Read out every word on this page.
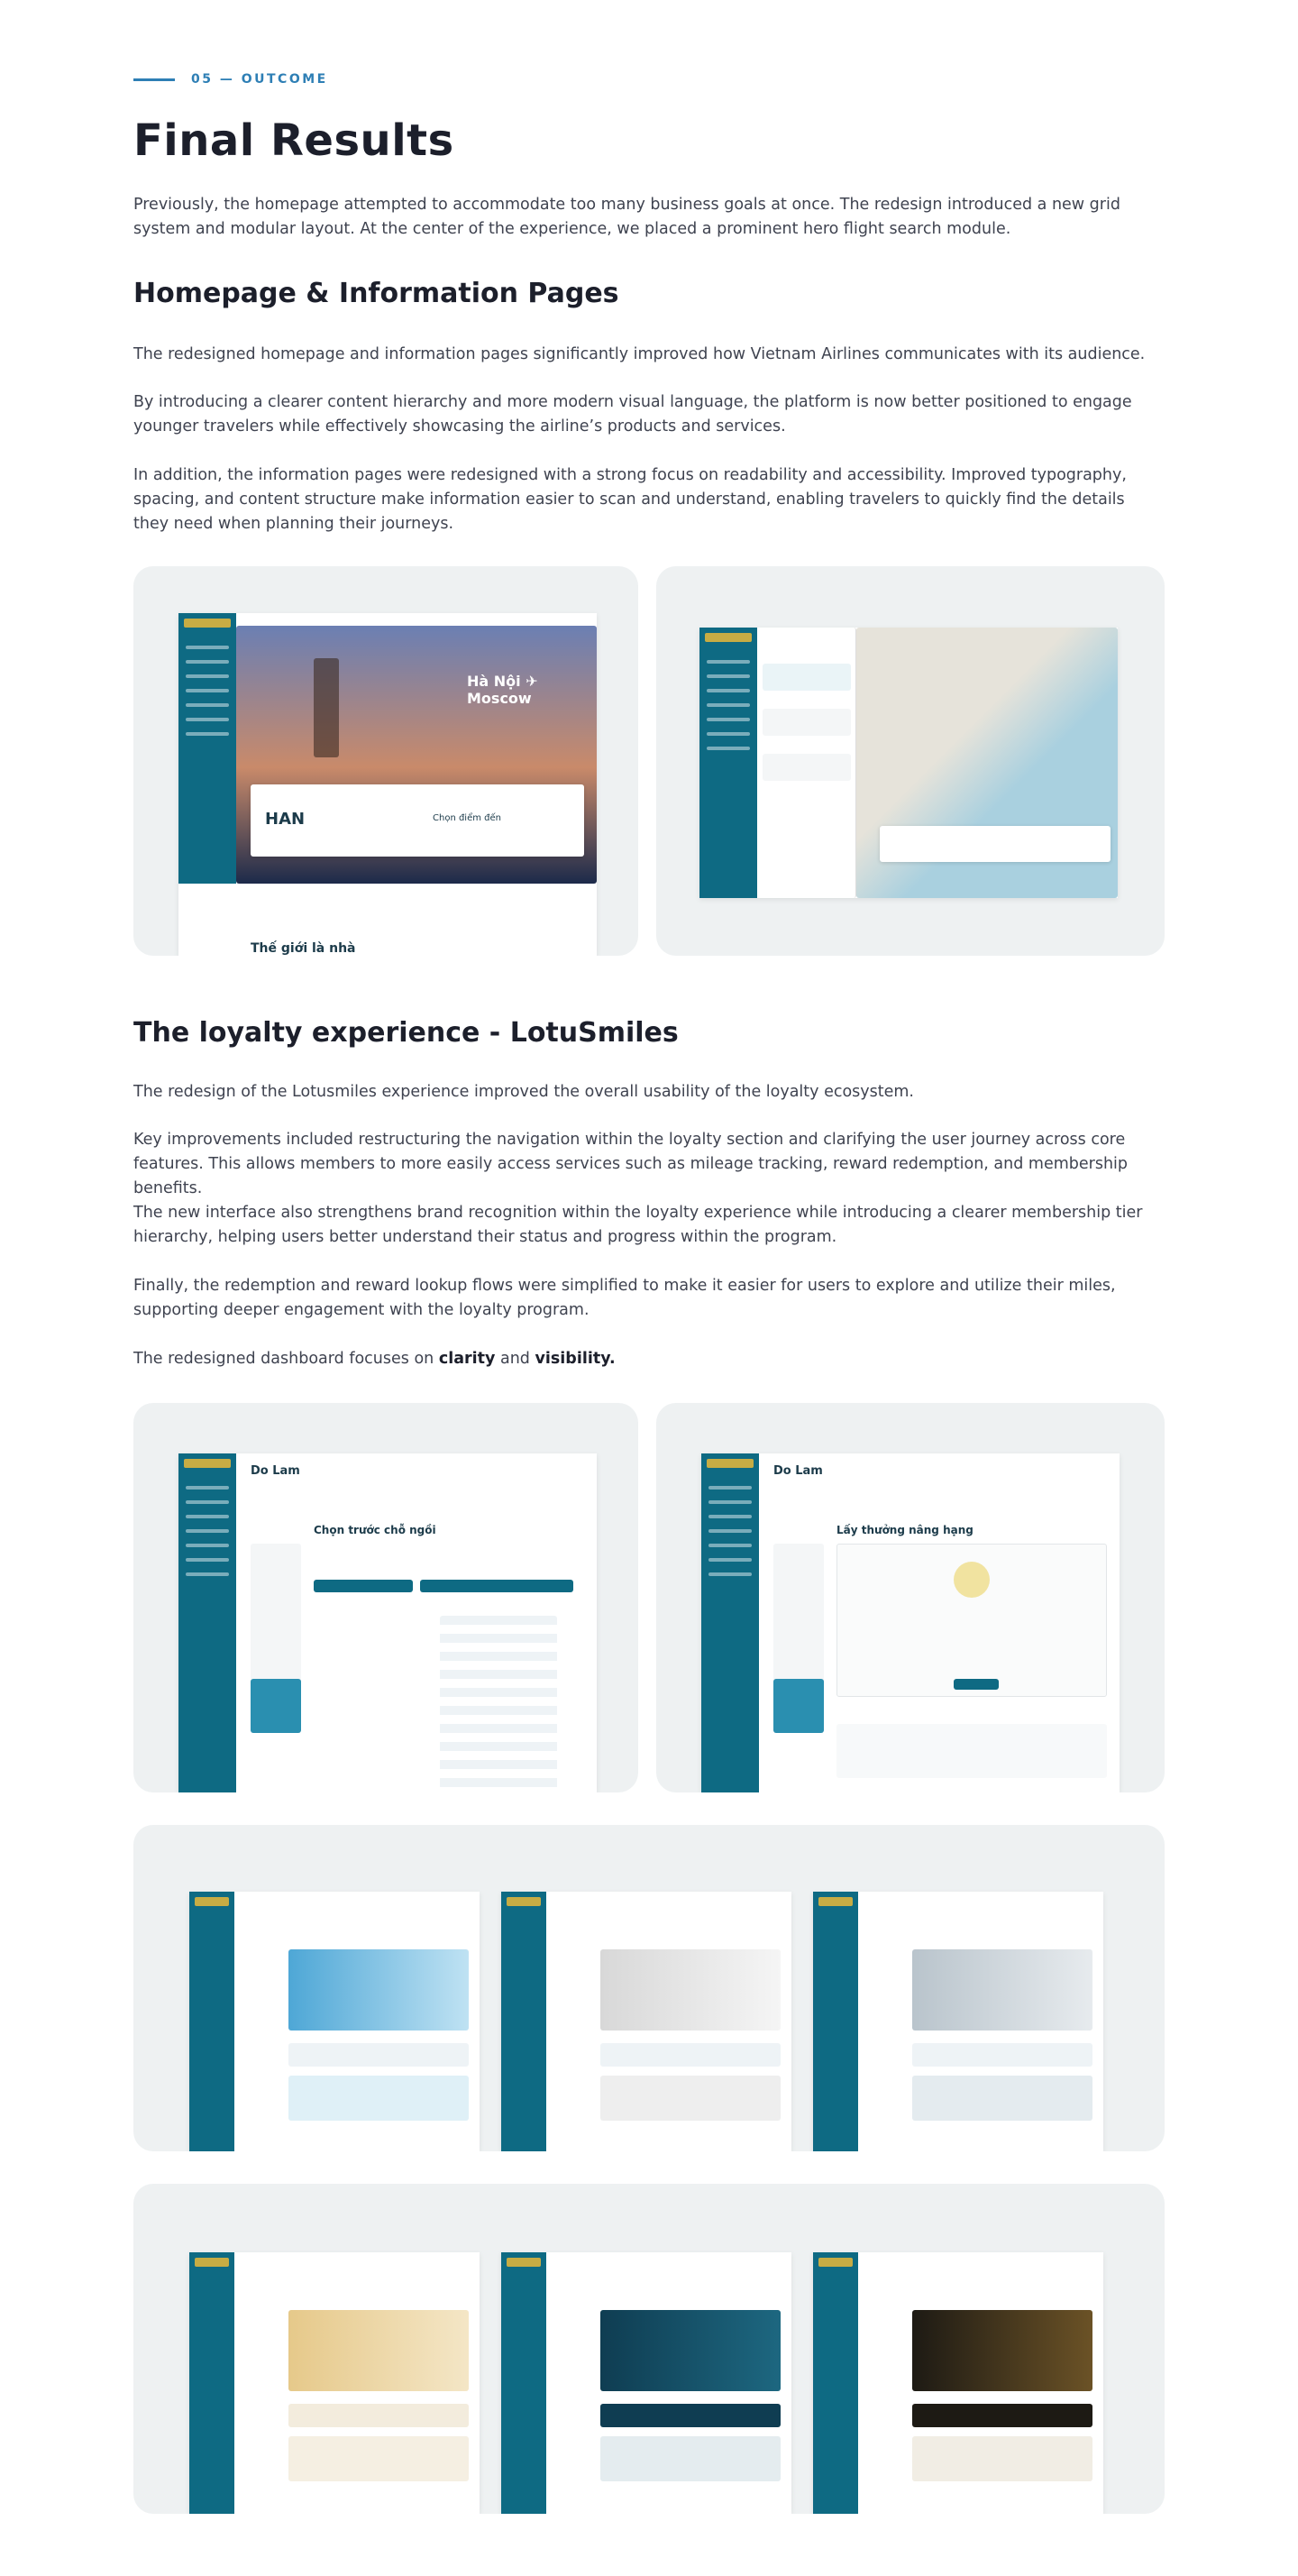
05 — OUTCOME
Final Results

Previously, the homepage attempted to accommodate too many business goals at once. The redesign introduced a new grid system and modular layout. At the center of the experience, we placed a prominent hero flight search module.

Homepage & Information Pages

The redesigned homepage and information pages significantly improved how Vietnam Airlines communicates with its audience.

By introducing a clearer content hierarchy and more modern visual language, the platform is now better positioned to engage younger travelers while effectively showcasing the airline’s products and services.

In addition, the information pages were redesigned with a strong focus on readability and accessibility. Improved typography, spacing, and content structure make information easier to scan and understand, enabling travelers to quickly find the details they need when planning their journeys.

Hà Nội ✈ Moscow
HAN	Chọn điểm đến
Thế giới là nhà
The loyalty experience - LotuSmiles

The redesign of the Lotusmiles experience improved the overall usability of the loyalty ecosystem.

Key improvements included restructuring the navigation within the loyalty section and clarifying the user journey across core features. This allows members to more easily access services such as mileage tracking, reward redemption, and membership benefits.

The new interface also strengthens brand recognition within the loyalty experience while introducing a clearer membership tier hierarchy, helping users better understand their status and progress within the program.

Finally, the redemption and reward lookup flows were simplified to make it easier for users to explore and utilize their miles, supporting deeper engagement with the loyalty program.

The redesigned dashboard focuses on clarity and visibility.

Do Lam
Chọn trước chỗ ngồi
Do Lam
Lấy thưởng nâng hạng
